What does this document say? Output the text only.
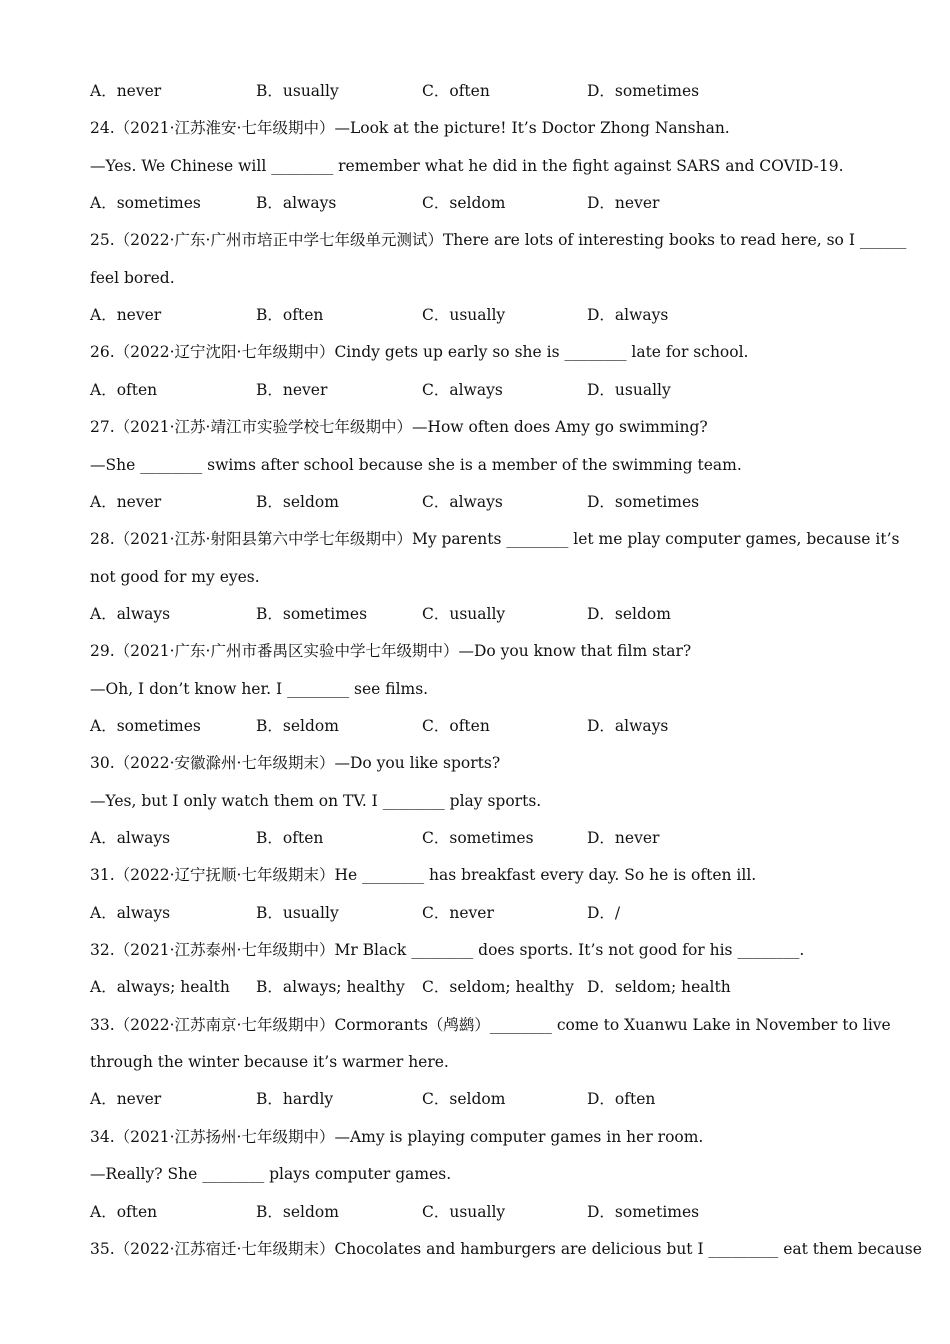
A．never	B．usually	C．often	D．sometimes
24.（2021·江苏淮安·七年级期中）—Look at the picture! It’s Doctor Zhong Nanshan.
—Yes. We Chinese will ________ remember what he did in the fight against SARS and COVID-19.
A．sometimes	B．always	C．seldom	D．never
25.（2022·广东·广州市培正中学七年级单元测试）There are lots of interesting books to read here, so I ______
feel bored.
A．never	B．often	C．usually	D．always
26.（2022·辽宁沈阳·七年级期中）Cindy gets up early so she is ________ late for school.
A．often	B．never	C．always	D．usually
27.（2021·江苏·靖江市实验学校七年级期中）—How often does Amy go swimming?
—She ________ swims after school because she is a member of the swimming team.
A．never	B．seldom	C．always	D．sometimes
28.（2021·江苏·射阳县第六中学七年级期中）My parents ________ let me play computer games, because it’s
not good for my eyes.
A．always	B．sometimes	C．usually	D．seldom
29.（2021·广东·广州市番禺区实验中学七年级期中）—Do you know that film star?
—Oh, I don’t know her. I ________ see films.
A．sometimes	B．seldom	C．often	D．always
30.（2022·安徽滁州·七年级期末）—Do you like sports?
—Yes, but I only watch them on TV. I ________ play sports.
A．always	B．often	C．sometimes	D．never
31.（2022·辽宁抚顺·七年级期末）He ________ has breakfast every day. So he is often ill.
A．always	B．usually	C．never	D．/
32.（2021·江苏泰州·七年级期中）Mr Black ________ does sports. It’s not good for his ________.
A．always; health B．always; healthy C．seldom; healthy D．seldom; health
33.（2022·江苏南京·七年级期中）Cormorants（鸬鹚）________ come to Xuanwu Lake in November to live
through the winter because it’s warmer here.
A．never	B．hardly	C．seldom	D．often
34.（2021·江苏扬州·七年级期中）—Amy is playing computer games in her room.
—Really? She ________ plays computer games.
A．often	B．seldom	C．usually	D．sometimes
35.（2022·江苏宿迁·七年级期末）Chocolates and hamburgers are delicious but I _________ eat them because
